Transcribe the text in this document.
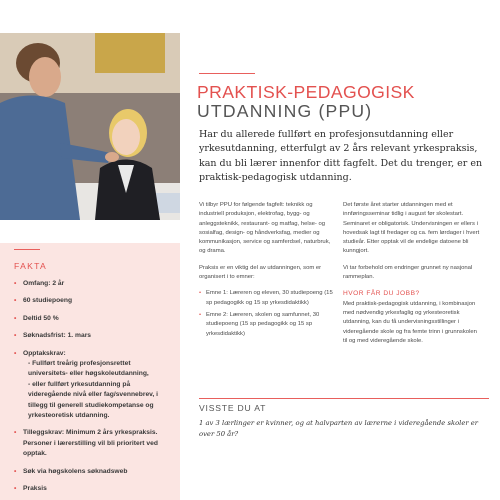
FAKTA
• Omfang: 2 år
• 60 studiepoeng
• Deltid 50 %
• Søknadsfrist: 1. mars
• Opptakskrav:
- Fullført treårig profesjonsrettet universitets- eller høgskoleutdanning,
- eller fullført yrkesutdanning på videregående nivå eller fag/svennebrev, i tillegg til generell studiekompetanse og yrkesteoretisk utdanning.
• Tilleggskrav: Minimum 2 års yrkespraksis. Personer i lærerstilling vil bli prioritert ved opptak.
• Søk via høgskolens søknadsweb
• Praksis
PRAKTISK-PEDAGOGISK
UTDANNING (PPU)
Har du allerede fullført en profesjonsutdanning eller yrkesutdanning, etterfulgt av 2 års relevant yrkespraksis, kan du bli lærer innenfor ditt fagfelt. Det du trenger, er en praktisk-pedagogisk utdanning.

Vi tilbyr PPU for følgende fagfelt: teknikk og industriell produksjon, elektrofag, bygg- og anleggsteknikk, restaurant- og matfag, helse- og sosialfag, design- og håndverksfag, medier og kommunikasjon, service og samferdsel, naturbruk, og drama.

Praksis er en viktig del av utdanningen, som er organisert i to emner:

• Emne 1: Læreren og eleven, 30 studiepoeng (15 sp pedagogikk og 15 sp yrkesdidaktikk)
• Emne 2: Læreren, skolen og samfunnet, 30 studiepoeng (15 sp pedagogikk og 15 sp yrkesdidaktikk)

Det første året starter utdanningen med et innføringsseminar tidlig i august før skolestart. Seminaret er obligatorisk. Undervisningen er ellers i hovedsak lagt til fredager og ca. fem lørdager i hvert studieår. Etter opptak vil de endelige datoene bli kunngjort.

Vi tar forbehold om endringer grunnet ny nasjonal rammeplan.

HVOR FÅR DU JOBB?

Med praktisk-pedagogisk utdanning, i kombinasjon med nødvendig yrkesfaglig og yrkesteoretisk utdanning, kan du få undervisningsstillinger i videregående skole og fra femte trinn i grunnskolen til og med videregående skole.

VISSTE DU AT
1 av 3 lærlinger er kvinner, og at halvparten av lærerne i videregående skoler er over 50 år?
